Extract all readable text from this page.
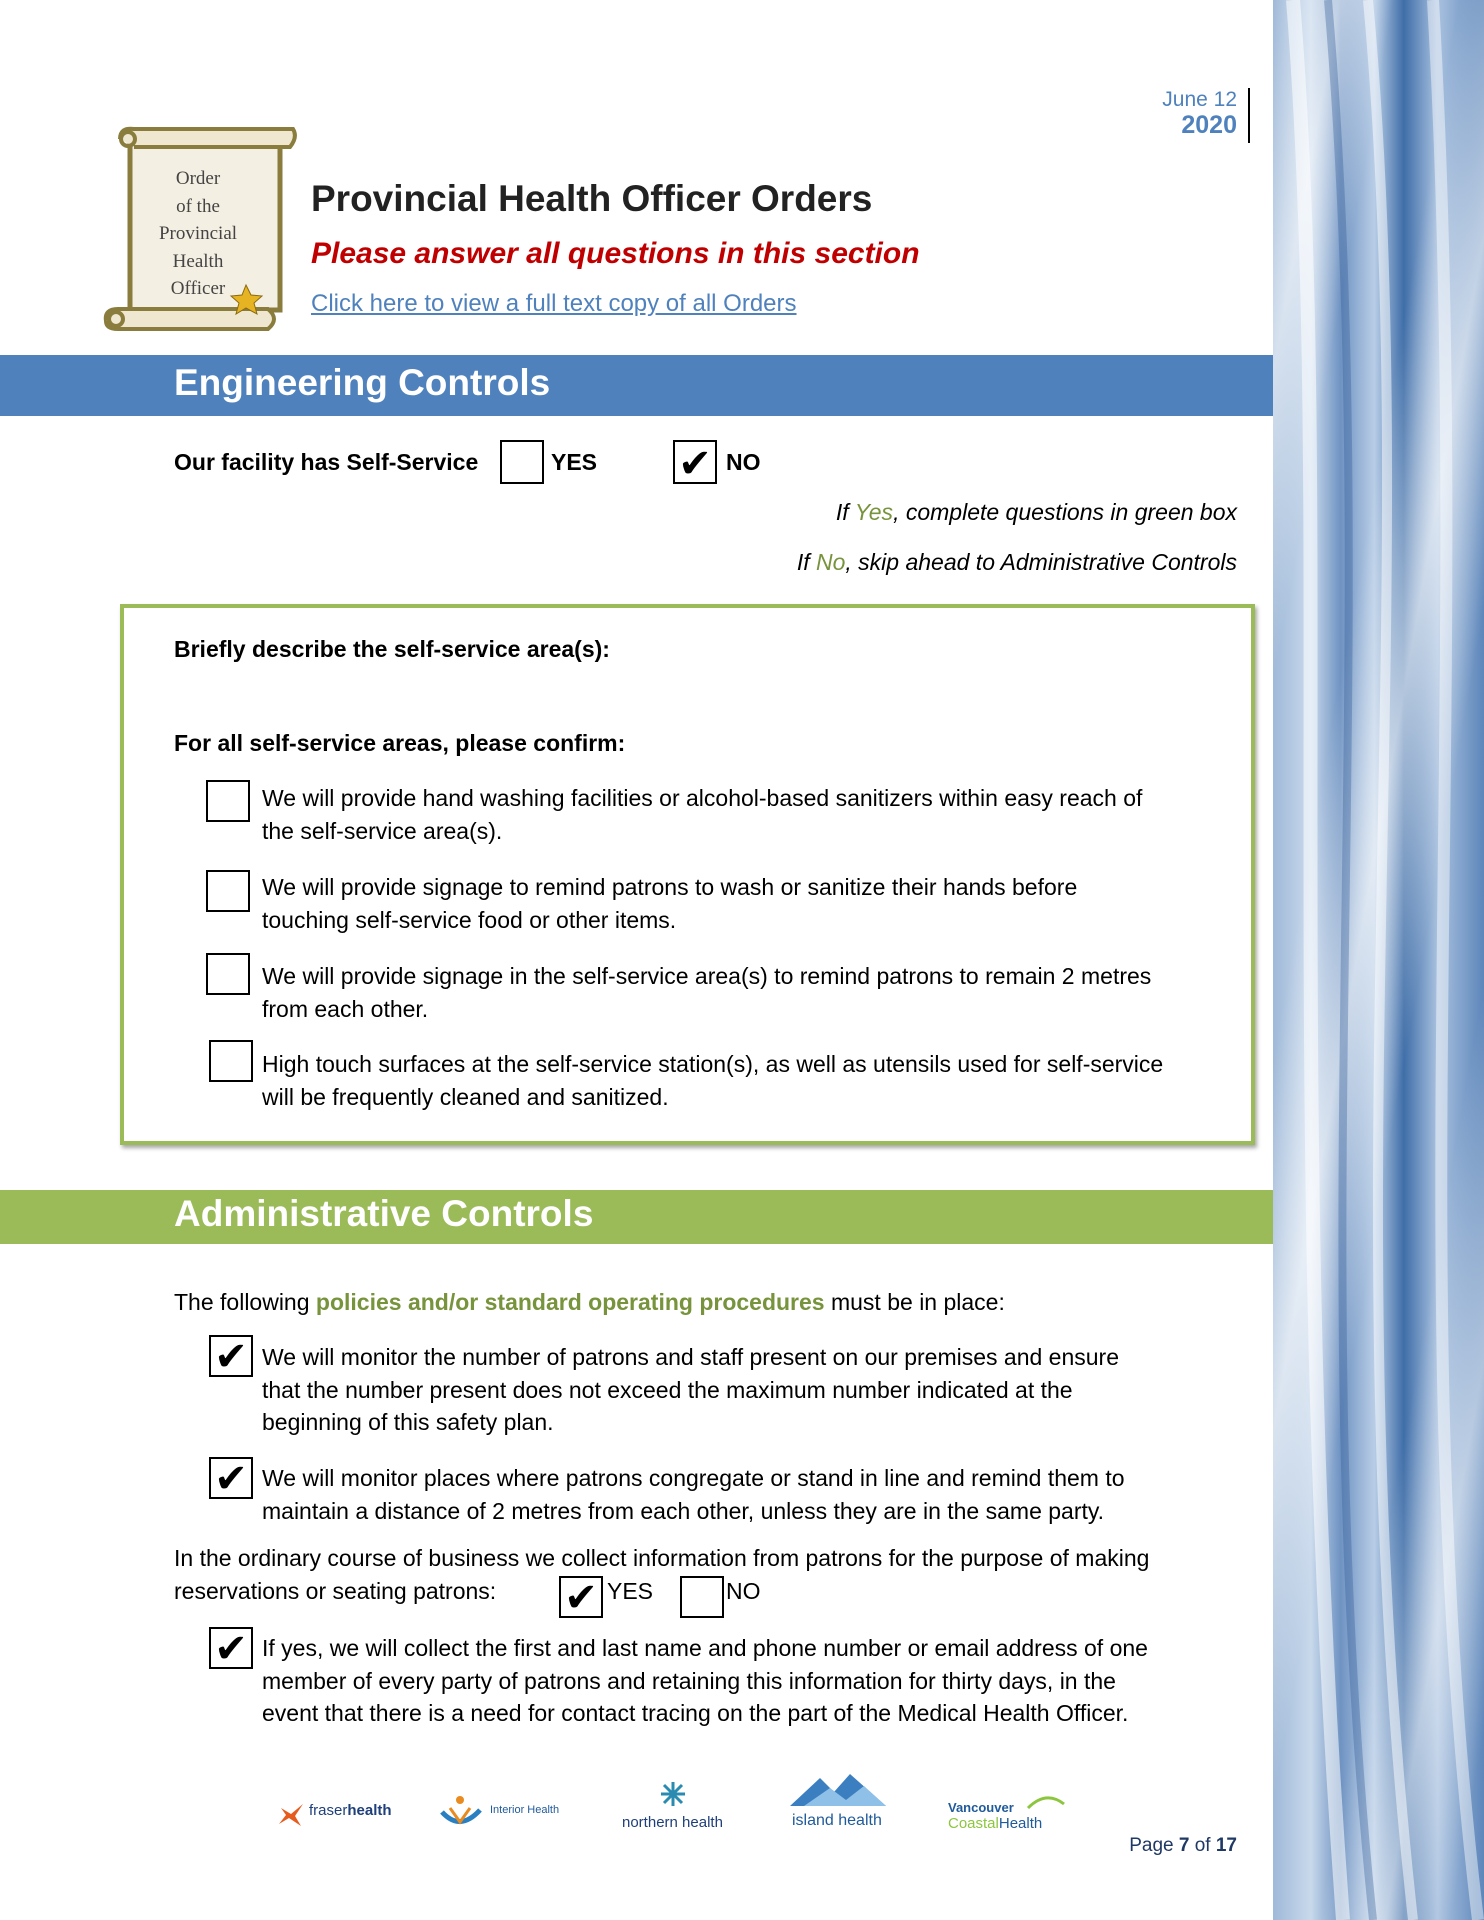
June 12
2020
Order
of the
Provincial
Health
Officer
Provincial Health Officer Orders
Please answer all questions in this section
Click here to view a full text copy of all Orders
Engineering Controls
Our facility has Self-Service	YES ✔ NO
If Yes, complete questions in green box
If No, skip ahead to Administrative Controls
Briefly describe the self-service area(s):
For all self-service areas, please confirm:
We will provide hand washing facilities or alcohol-based sanitizers within easy reach of
the self-service area(s).
We will provide signage to remind patrons to wash or sanitize their hands before
touching self-service food or other items.
We will provide signage in the self-service area(s) to remind patrons to remain 2 metres
from each other.
High touch surfaces at the self-service station(s), as well as utensils used for self-service
will be frequently cleaned and sanitized.
Administrative Controls
The following policies and/or standard operating procedures must be in place:
✔ We will monitor the number of patrons and staff present on our premises and ensure
that the number present does not exceed the maximum number indicated at the
beginning of this safety plan.
✔ We will monitor places where patrons congregate or stand in line and remind them to
maintain a distance of 2 metres from each other, unless they are in the same party.
In the ordinary course of business we collect information from patrons for the purpose of making
reservations or seating patrons:	✔ YES	NO
✔ If yes, we will collect the first and last name and phone number or email address of one
member of every party of patrons and retaining this information for thirty days, in the
event that there is a need for contact tracing on the part of the Medical Health Officer.
fraserhealth	Interior Health
northern health	island health
Vancouver
CoastalHealth
Page 7 of 17
